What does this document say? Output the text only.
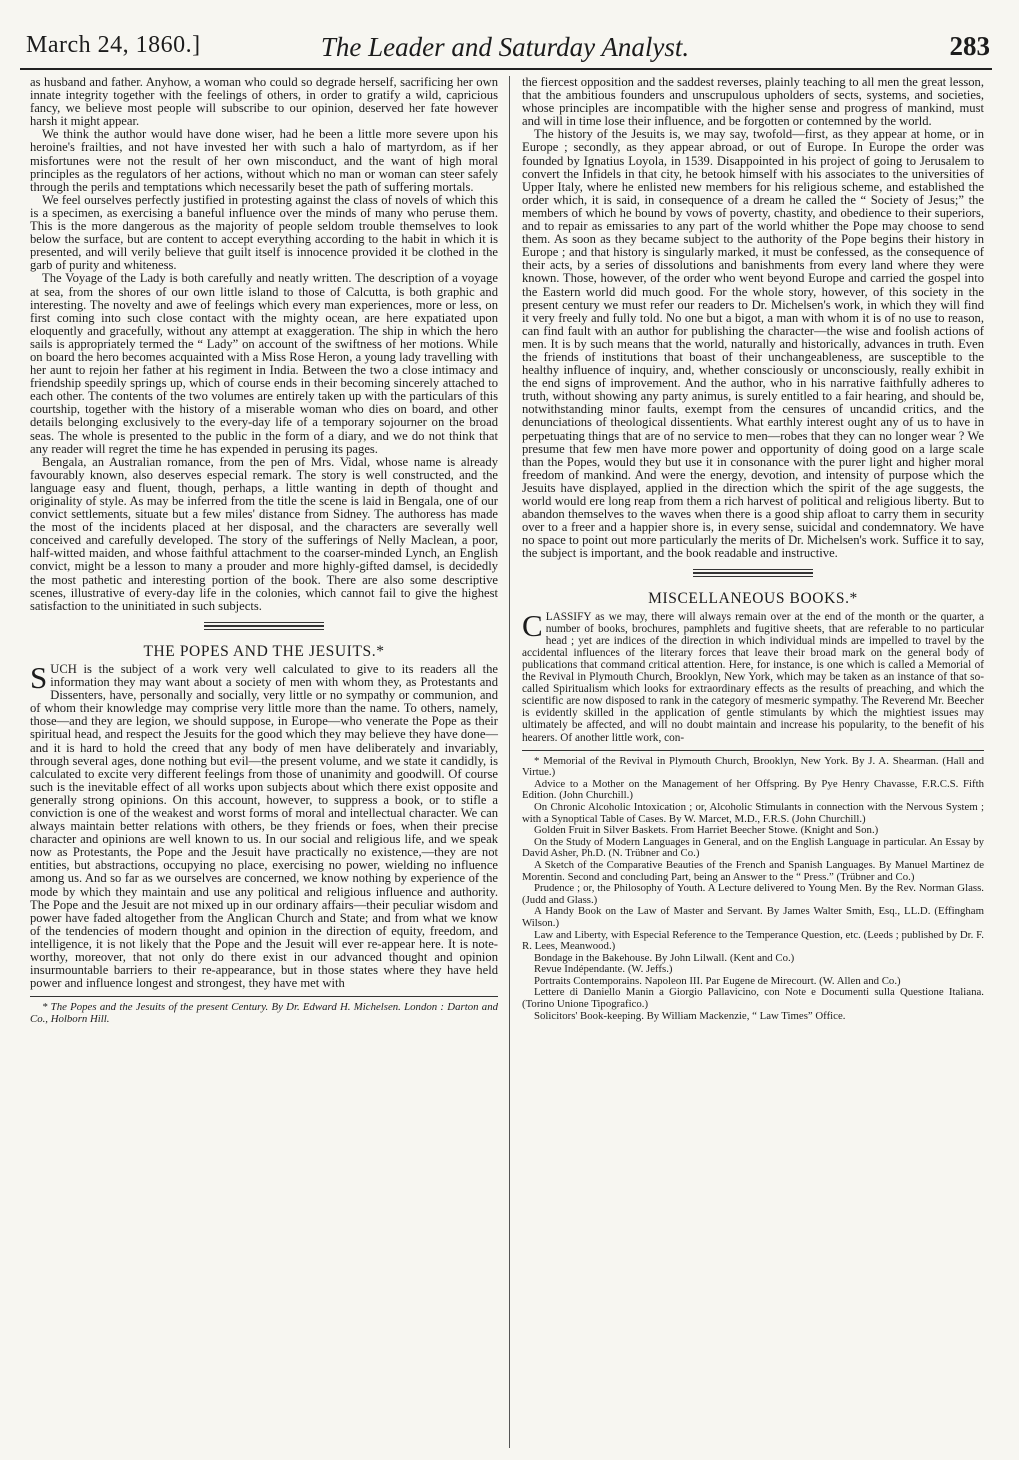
March 24, 1860.]	The Leader and Saturday Analyst.	283

as husband and father. Anyhow, a woman who could so degrade herself, sacrificing her own innate integrity together with the feelings of others, in order to gratify a wild, capricious fancy, we believe most people will subscribe to our opinion, deserved her fate however harsh it might appear.

We think the author would have done wiser, had he been a little more severe upon his heroine's frailties, and not have invested her with such a halo of martyrdom, as if her misfortunes were not the result of her own misconduct, and the want of high moral principles as the regulators of her actions, without which no man or woman can steer safely through the perils and temptations which necessarily beset the path of suffering mortals.

We feel ourselves perfectly justified in protesting against the class of novels of which this is a specimen, as exercising a baneful influence over the minds of many who peruse them. This is the more dangerous as the majority of people seldom trouble themselves to look below the surface, but are content to accept everything according to the habit in which it is presented, and will verily believe that guilt itself is innocence provided it be clothed in the garb of purity and whiteness.

The Voyage of the Lady is both carefully and neatly written. The description of a voyage at sea, from the shores of our own little island to those of Calcutta, is both graphic and interesting. The novelty and awe of feelings which every man experiences, more or less, on first coming into such close contact with the mighty ocean, are here expatiated upon eloquently and gracefully, without any attempt at exaggeration. The ship in which the hero sails is appropriately termed the “ Lady” on account of the swiftness of her motions. While on board the hero becomes acquainted with a Miss Rose Heron, a young lady travelling with her aunt to rejoin her father at his regiment in India. Between the two a close intimacy and friendship speedily springs up, which of course ends in their becoming sincerely attached to each other. The contents of the two volumes are entirely taken up with the particulars of this courtship, together with the history of a miserable woman who dies on board, and other details belonging exclusively to the every-day life of a temporary sojourner on the broad seas. The whole is presented to the public in the form of a diary, and we do not think that any reader will regret the time he has expended in perusing its pages.

Bengala, an Australian romance, from the pen of Mrs. Vidal, whose name is already favourably known, also deserves especial remark. The story is well constructed, and the language easy and fluent, though, perhaps, a little wanting in depth of thought and originality of style. As may be inferred from the title the scene is laid in Bengala, one of our convict settlements, situate but a few miles' distance from Sidney. The authoress has made the most of the incidents placed at her disposal, and the characters are severally well conceived and carefully developed. The story of the sufferings of Nelly Maclean, a poor, half-witted maiden, and whose faithful attachment to the coarser-minded Lynch, an English convict, might be a lesson to many a prouder and more highly-gifted damsel, is decidedly the most pathetic and interesting portion of the book. There are also some descriptive scenes, illustrative of every-day life in the colonies, which cannot fail to give the highest satisfaction to the uninitiated in such subjects.

THE POPES AND THE JESUITS.*

SUCH is the subject of a work very well calculated to give to its readers all the information they may want about a society of men with whom they, as Protestants and Dissenters, have, personally and socially, very little or no sympathy or communion, and of whom their knowledge may comprise very little more than the name. To others, namely, those—and they are legion, we should suppose, in Europe—who venerate the Pope as their spiritual head, and respect the Jesuits for the good which they may believe they have done—and it is hard to hold the creed that any body of men have deliberately and invariably, through several ages, done nothing but evil—the present volume, and we state it candidly, is calculated to excite very different feelings from those of unanimity and goodwill. Of course such is the inevitable effect of all works upon subjects about which there exist opposite and generally strong opinions. On this account, however, to suppress a book, or to stifle a conviction is one of the weakest and worst forms of moral and intellectual character. We can always maintain better relations with others, be they friends or foes, when their precise character and opinions are well known to us. In our social and religious life, and we speak now as Protestants, the Pope and the Jesuit have practically no existence,—they are not entities, but abstractions, occupying no place, exercising no power, wielding no influence among us. And so far as we ourselves are concerned, we know nothing by experience of the mode by which they maintain and use any political and religious influence and authority. The Pope and the Jesuit are not mixed up in our ordinary affairs—their peculiar wisdom and power have faded altogether from the Anglican Church and State; and from what we know of the tendencies of modern thought and opinion in the direction of equity, freedom, and intelligence, it is not likely that the Pope and the Jesuit will ever re-appear here. It is note-worthy, moreover, that not only do there exist in our advanced thought and opinion insurmountable barriers to their re-appearance, but in those states where they have held power and influence longest and strongest, they have met with

* The Popes and the Jesuits of the present Century. By Dr. Edward H. Michelsen. London : Darton and Co., Holborn Hill.

the fiercest opposition and the saddest reverses, plainly teaching to all men the great lesson, that the ambitious founders and unscrupulous upholders of sects, systems, and societies, whose principles are incompatible with the higher sense and progress of mankind, must and will in time lose their influence, and be forgotten or contemned by the world.

The history of the Jesuits is, we may say, twofold—first, as they appear at home, or in Europe ; secondly, as they appear abroad, or out of Europe. In Europe the order was founded by Ignatius Loyola, in 1539. Disappointed in his project of going to Jerusalem to convert the Infidels in that city, he betook himself with his associates to the universities of Upper Italy, where he enlisted new members for his religious scheme, and established the order which, it is said, in consequence of a dream he called the “ Society of Jesus;” the members of which he bound by vows of poverty, chastity, and obedience to their superiors, and to repair as emissaries to any part of the world whither the Pope may choose to send them. As soon as they became subject to the authority of the Pope begins their history in Europe ; and that history is singularly marked, it must be confessed, as the consequence of their acts, by a series of dissolutions and banishments from every land where they were known. Those, however, of the order who went beyond Europe and carried the gospel into the Eastern world did much good. For the whole story, however, of this society in the present century we must refer our readers to Dr. Michelsen's work, in which they will find it very freely and fully told. No one but a bigot, a man with whom it is of no use to reason, can find fault with an author for publishing the character—the wise and foolish actions of men. It is by such means that the world, naturally and historically, advances in truth. Even the friends of institutions that boast of their unchangeableness, are susceptible to the healthy influence of inquiry, and, whether consciously or unconsciously, really exhibit in the end signs of improvement. And the author, who in his narrative faithfully adheres to truth, without showing any party animus, is surely entitled to a fair hearing, and should be, notwithstanding minor faults, exempt from the censures of uncandid critics, and the denunciations of theological dissentients. What earthly interest ought any of us to have in perpetuating things that are of no service to men—robes that they can no longer wear ? We presume that few men have more power and opportunity of doing good on a large scale than the Popes, would they but use it in consonance with the purer light and higher moral freedom of mankind. And were the energy, devotion, and intensity of purpose which the Jesuits have displayed, applied in the direction which the spirit of the age suggests, the world would ere long reap from them a rich harvest of political and religious liberty. But to abandon themselves to the waves when there is a good ship afloat to carry them in security over to a freer and a happier shore is, in every sense, suicidal and condemnatory. We have no space to point out more particularly the merits of Dr. Michelsen's work. Suffice it to say, the subject is important, and the book readable and instructive.

MISCELLANEOUS BOOKS.*

CLASSIFY as we may, there will always remain over at the end of the month or the quarter, a number of books, brochures, pamphlets and fugitive sheets, that are referable to no particular head ; yet are indices of the direction in which individual minds are impelled to travel by the accidental influences of the literary forces that leave their broad mark on the general body of publications that command critical attention. Here, for instance, is one which is called a Memorial of the Revival in Plymouth Church, Brooklyn, New York, which may be taken as an instance of that so-called Spiritualism which looks for extraordinary effects as the results of preaching, and which the scientific are now disposed to rank in the category of mesmeric sympathy. The Reverend Mr. Beecher is evidently skilled in the application of gentle stimulants by which the mightiest issues may ultimately be affected, and will no doubt maintain and increase his popularity, to the benefit of his hearers. Of another little work, con-

* Memorial of the Revival in Plymouth Church, Brooklyn, New York. By J. A. Shearman. (Hall and Virtue.)

Advice to a Mother on the Management of her Offspring. By Pye Henry Chavasse, F.R.C.S. Fifth Edition. (John Churchill.)

On Chronic Alcoholic Intoxication ; or, Alcoholic Stimulants in connection with the Nervous System ; with a Synoptical Table of Cases. By W. Marcet, M.D., F.R.S. (John Churchill.)

Golden Fruit in Silver Baskets. From Harriet Beecher Stowe. (Knight and Son.)

On the Study of Modern Languages in General, and on the English Language in particular. An Essay by David Asher, Ph.D. (N. Trübner and Co.)

A Sketch of the Comparative Beauties of the French and Spanish Languages. By Manuel Martinez de Morentin. Second and concluding Part, being an Answer to the “ Press.” (Trübner and Co.)

Prudence ; or, the Philosophy of Youth. A Lecture delivered to Young Men. By the Rev. Norman Glass. (Judd and Glass.)

A Handy Book on the Law of Master and Servant. By James Walter Smith, Esq., LL.D. (Effingham Wilson.)

Law and Liberty, with Especial Reference to the Temperance Question, etc. (Leeds ; published by Dr. F. R. Lees, Meanwood.)

Bondage in the Bakehouse. By John Lilwall. (Kent and Co.)

Revue Indépendante. (W. Jeffs.)

Portraits Contemporains. Napoleon III. Par Eugene de Mirecourt. (W. Allen and Co.)

Lettere di Daniello Manin a Giorgio Pallavicino, con Note e Documenti sulla Questione Italiana. (Torino Unione Tipografico.)

Solicitors' Book-keeping. By William Mackenzie, “ Law Times” Office.
